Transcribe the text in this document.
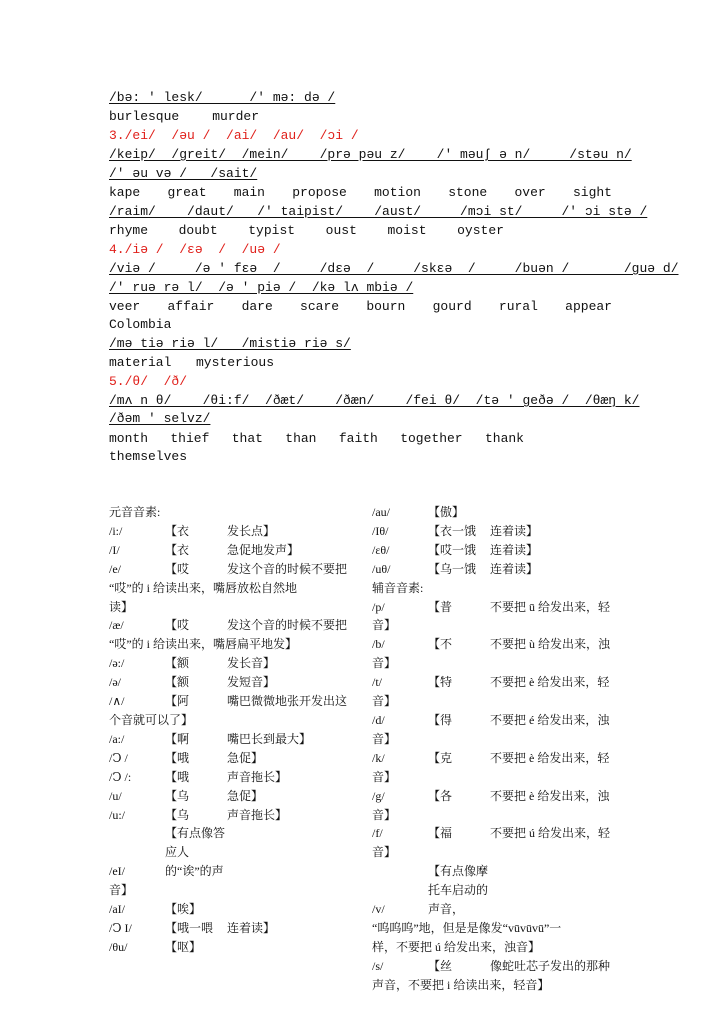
/bə: ′ lesk/      /′ mə: də /
burlesque	murder
3./ei/  /əu /  /ai/  /au/  /ɔi /
/keip/  /greit/  /mein/    /prə pəu z/    /′ məuʃ ə n/     /stəu n/
/′ əu və /   /sait/
kape great main propose motion stone over sight
/raim/    /daut/   /′ taipist/    /aust/     /mɔi st/     /′ ɔi stə /
rhyme doubt typist oust moist oyster
4./iə /  /εə  /  /uə /
/viə /     /ə ′ fεə  /     /dεə  /     /skεə  /     /buən /       /guə d/
/′ ruə rə l/  /ə ′ piə /  /kə lʌ mbiə /
veer affair dare scare bourn gourd rural appear
Colombia
/mə tiə riə l/   /mistiə riə s/
material mysterious
5./θ/  /ð/
/mʌ n θ/    /θi:f/  /ðæt/    /ðæn/    /fei θ/  /tə ′ geðə /  /θæŋ k/
/ðəm ′ selvz/
month thief that than faith together thank
themselves
元音音素:
/i:/	【衣	发长点】
/I/	【衣	急促地发声】
/e/	【哎	发这个音的时候不要把
“哎”的 i 给读出来，嘴唇放松自然地
读】
/æ/	【哎	发这个音的时候不要把
“哎”的 i 给读出来，嘴唇扁平地发】
/ə:/	【额	发长音】
/ə/	【额	发短音】
/∧/	【阿	嘴巴微微地张开发出这
个音就可以了】
/a:/	【啊	嘴巴长到最大】
/Ↄ /	【哦	急促】
/Ↄ /:	【哦	声音拖长】
/u/	【乌	急促】
/u:/	【乌	声音拖长】
/eI/【有点像答应人的“诶”的声
音】
/aI/	【唉】
/Ↄ I/	【哦一喂 连着读】
/θu/	【呕】
/au/	【傲】
/Iθ/	【衣一饿 连着读】
/εθ/	【哎一饿 连着读】
/uθ/	【乌一饿 连着读】
辅音音素:
/p/	【普	不要把 ū 给发出来，轻
音】
/b/	【不	不要把 ù 给发出来，浊
音】
/t/	【特	不要把 è 给发出来，轻
音】
/d/	【得	不要把 é 给发出来，浊音】
/k/	【克	不要把 è 给发出来，轻
音】
/g/	【各	不要把 è 给发出来，浊音】
/f/	【福	不要把 ú 给发出来，轻音】
/v/【有点像摩托车启动的声音，
“呜呜呜”地，但是是像发“vūvūvū”一
样，不要把 ú 给发出来，浊音】
/s/	【丝	像蛇吐芯子发出的那种
声音，不要把 i 给读出来，轻音】
